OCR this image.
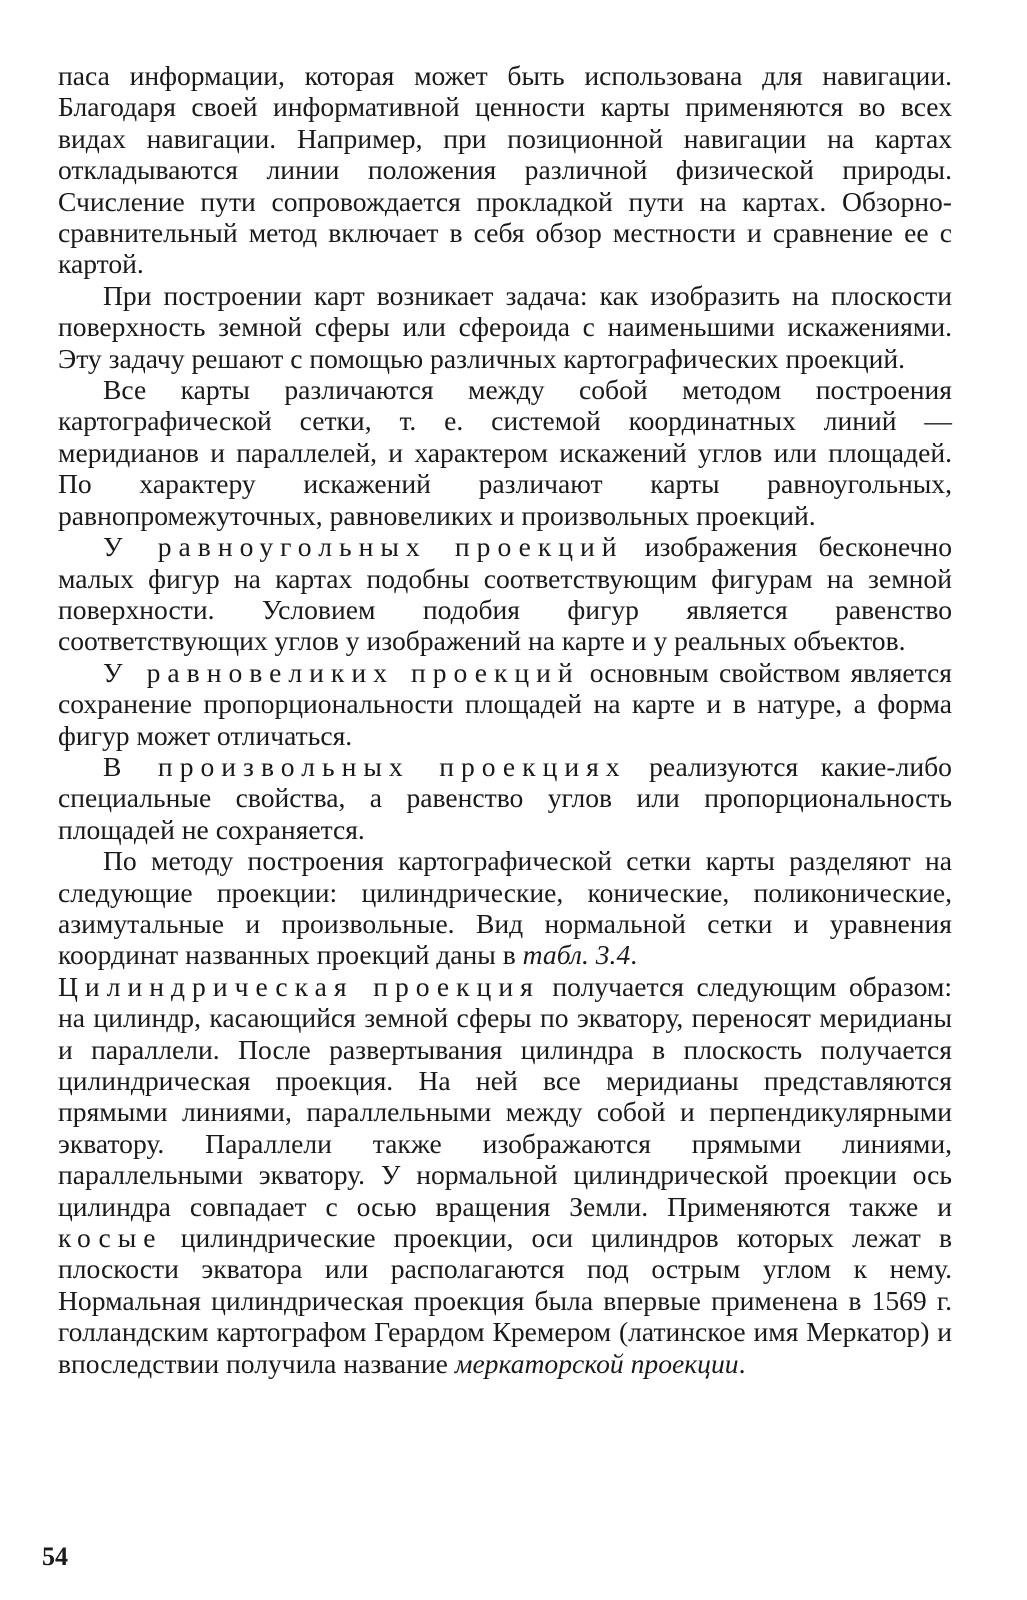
паса информации, которая может быть использована для навигации. Благодаря своей информативной ценности карты применяются во всех видах навигации. Например, при позиционной навигации на картах откладываются линии положения различной физической природы. Счисление пути сопровождается прокладкой пути на картах. Обзорно-сравнительный метод включает в себя обзор местности и сравнение ее с картой.

При построении карт возникает задача: как изобразить на плоскости поверхность земной сферы или сфероида с наименьшими искажениями. Эту задачу решают с помощью различных картографических проекций.

Все карты различаются между собой методом построения картографической сетки, т. е. системой координатных линий — меридианов и параллелей, и характером искажений углов или площадей. По характеру искажений различают карты равноугольных, равнопромежуточных, равновеликих и произвольных проекций.

У равноугольных проекций изображения бесконечно малых фигур на картах подобны соответствующим фигурам на земной поверхности. Условием подобия фигур является равенство соответствующих углов у изображений на карте и у реальных объектов.

У равновеликих проекций основным свойством является сохранение пропорциональности площадей на карте и в натуре, а форма фигур может отличаться.

В произвольных проекциях реализуются какие-либо специальные свойства, а равенство углов или пропорциональность площадей не сохраняется.

По методу построения картографической сетки карты разделяют на следующие проекции: цилиндрические, конические, поликонические, азимутальные и произвольные. Вид нормальной сетки и уравнения координат названных проекций даны в табл. 3.4.

Цилиндрическая проекция получается следующим образом: на цилиндр, касающийся земной сферы по экватору, переносят меридианы и параллели. После развертывания цилиндра в плоскость получается цилиндрическая проекция. На ней все меридианы представляются прямыми линиями, параллельными между собой и перпендикулярными экватору. Параллели также изображаются прямыми линиями, параллельными экватору. У нормальной цилиндрической проекции ось цилиндра совпадает с осью вращения Земли. Применяются также и косые цилиндрические проекции, оси цилиндров которых лежат в плоскости экватора или располагаются под острым углом к нему. Нормальная цилиндрическая проекция была впервые применена в 1569 г. голландским картографом Герардом Кремером (латинское имя Меркатор) и впоследствии получила название меркаторской проекции.

54
